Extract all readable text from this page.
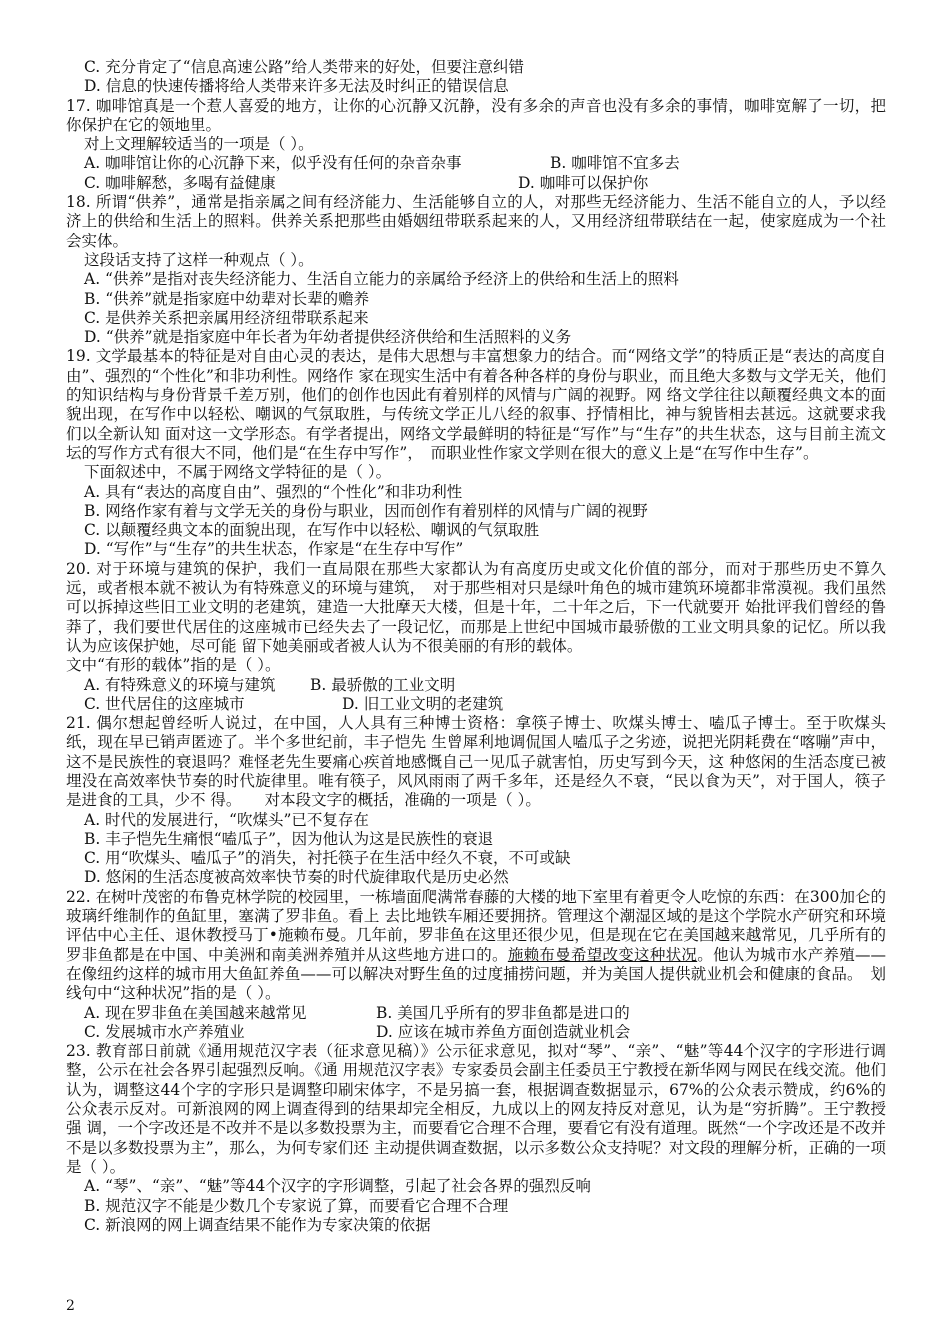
C. 充分肯定了“信息高速公路”给人类带来的好处，但要注意纠错
D. 信息的快速传播将给人类带来许多无法及时纠正的错误信息
17. 咖啡馆真是一个惹人喜爱的地方，让你的心沉静又沉静，没有多余的声音也没有多余的事情，咖啡宽解了一切，把你保护在它的领地里。
对上文理解较适当的一项是（ ）。
A. 咖啡馆让你的心沉静下来，似乎没有任何的杂音杂事	B. 咖啡馆不宜多去
C. 咖啡解愁，多喝有益健康	D. 咖啡可以保护你
18. 所谓“供养”，通常是指亲属之间有经济能力、生活能够自立的人，对那些无经济能力、生活不能自立的人，予以经济上的供给和生活上的照料。供养关系把那些由婚姻纽带联系起来的人，又用经济纽带联结在一起，使家庭成为一个社会实体。
这段话支持了这样一种观点（ ）。
A. “供养”是指对丧失经济能力、生活自立能力的亲属给予经济上的供给和生活上的照料
B. “供养”就是指家庭中幼辈对长辈的赡养
C. 是供养关系把亲属用经济纽带联系起来
D. “供养”就是指家庭中年长者为年幼者提供经济供给和生活照料的义务
19. 文学最基本的特征是对自由心灵的表达，是伟大思想与丰富想象力的结合。而“网络文学”的特质正是“表达的高度自由”、强烈的“个性化”和非功利性。网络作 家在现实生活中有着各种各样的身份与职业，而且绝大多数与文学无关，他们的知识结构与身份背景千差万别，他们的创作也因此有着别样的风情与广阔的视野。网 络文学往往以颠覆经典文本的面貌出现，在写作中以轻松、嘲讽的气氛取胜，与传统文学正儿八经的叙事、抒情相比，神与貌皆相去甚远。这就要求我们以全新认知 面对这一文学形态。有学者提出，网络文学最鲜明的特征是“写作”与“生存”的共生状态，这与目前主流文坛的写作方式有很大不同，他们是“在生存中写作”，　而职业性作家文学则在很大的意义上是“在写作中生存”。
下面叙述中，不属于网络文学特征的是（ ）。
A. 具有“表达的高度自由”、强烈的“个性化”和非功利性
B. 网络作家有着与文学无关的身份与职业，因而创作有着别样的风情与广阔的视野
C. 以颠覆经典文本的面貌出现，在写作中以轻松、嘲讽的气氛取胜
D. “写作”与“生存”的共生状态，作家是“在生存中写作”
20. 对于环境与建筑的保护，我们一直局限在那些大家都认为有高度历史或文化价值的部分，而对于那些历史不算久远，或者根本就不被认为有特殊意义的环境与建筑，　对于那些相对只是绿叶角色的城市建筑环境都非常漠视。我们虽然可以拆掉这些旧工业文明的老建筑，建造一大批摩天大楼，但是十年，二十年之后，下一代就要开 始批评我们曾经的鲁莽了，我们要世代居住的这座城市已经失去了一段记忆，而那是上世纪中国城市最骄傲的工业文明具象的记忆。所以我认为应该保护她，尽可能 留下她美丽或者被人认为不很美丽的有形的载体。
文中“有形的载体”指的是（ ）。
A. 有特殊意义的环境与建筑	B. 最骄傲的工业文明
C. 世代居住的这座城市	D. 旧工业文明的老建筑
21. 偶尔想起曾经听人说过，在中国，人人具有三种博士资格：拿筷子博士、吹煤头博士、嗑瓜子博士。至于吹煤头纸，现在早已销声匿迹了。半个多世纪前，丰子恺先 生曾犀利地调侃国人嗑瓜子之劣迹，说把光阴耗费在“喀嘣”声中，这不是民族性的衰退吗？难怪老先生要痛心疾首地感慨自己一见瓜子就害怕，历史写到今天，这 种悠闲的生活态度已被埋没在高效率快节奏的时代旋律里。唯有筷子，风风雨雨了两千多年，还是经久不衰，“民以食为天”，对于国人，筷子是进食的工具，少不 得。　　对本段文字的概括，准确的一项是（ ）。
A. 时代的发展进行，“吹煤头”已不复存在
B. 丰子恺先生痛恨“嗑瓜子”，因为他认为这是民族性的衰退
C. 用“吹煤头、嗑瓜子”的消失，衬托筷子在生活中经久不衰，不可或缺
D. 悠闲的生活态度被高效率快节奏的时代旋律取代是历史必然
22. 在树叶茂密的布鲁克林学院的校园里，一栋墙面爬满常春藤的大楼的地下室里有着更令人吃惊的东西：在300加仑的玻璃纤维制作的鱼缸里，塞满了罗非鱼。看上 去比地铁车厢还要拥挤。管理这个潮湿区域的是这个学院水产研究和环境评估中心主任、退休教授马丁•施赖布曼。几年前，罗非鱼在这里还很少见，但是现在它在美国越来越常见，几乎所有的罗非鱼都是在中国、中美洲和南美洲养殖并从这些地方进口的。施赖布曼希望改变这种状况。他认为城市水产养殖——在像纽约这样的城市用大鱼缸养鱼——可以解决对野生鱼的过度捕捞问题，并为美国人提供就业机会和健康的食品。　划线句中“这种状况”指的是（ ）。
A. 现在罗非鱼在美国越来越常见	B. 美国几乎所有的罗非鱼都是进口的
C. 发展城市水产养殖业	D. 应该在城市养鱼方面创造就业机会
23. 教育部日前就《通用规范汉字表（征求意见稿）》公示征求意见，拟对“琴”、“亲”、“魅”等44个汉字的字形进行调整，公示在社会各界引起强烈反响。《通 用规范汉字表》专家委员会副主任委员王宁教授在新华网与网民在线交流。他们认为，调整这44个字的字形只是调整印刷宋体字，不是另搞一套，根据调查数据显示，67%的公众表示赞成，约6%的公众表示反对。可新浪网的网上调查得到的结果却完全相反，九成以上的网友持反对意见，认为是“穷折腾”。王宁教授强 调，一个字改还是不改并不是以多数投票为主，而要看它合理不合理，要看它有没有道理。既然“一个字改还是不改并不是以多数投票为主”，那么，为何专家们还 主动提供调查数据，以示多数公众支持呢？对文段的理解分析，正确的一项是（ ）。
A. “琴”、“亲”、“魅”等44个汉字的字形调整，引起了社会各界的强烈反响
B. 规范汉字不能是少数几个专家说了算，而要看它合理不合理
C. 新浪网的网上调查结果不能作为专家决策的依据
2
